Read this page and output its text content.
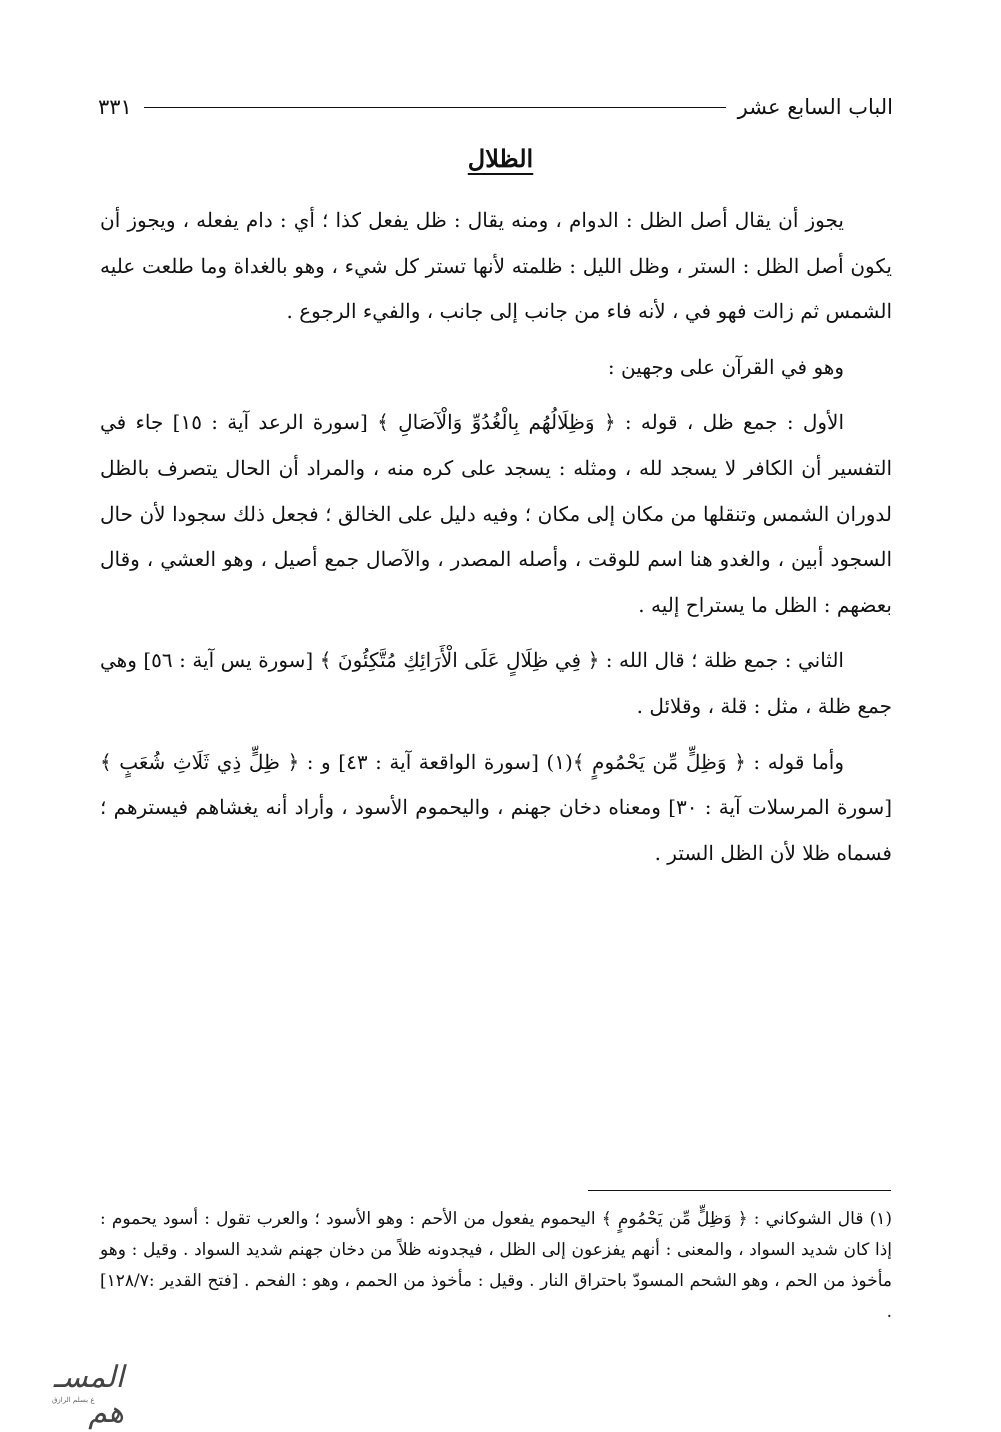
الباب السابع عشر
٣٣١
الظلال

يجوز أن يقال أصل الظل : الدوام ، ومنه يقال : ظل يفعل كذا ؛ أي : دام يفعله ، ويجوز أن يكون أصل الظل : الستر ، وظل الليل : ظلمته لأنها تستر كل شيء ، وهو بالغداة وما طلعت عليه الشمس ثم زالت فهو في ، لأنه فاء من جانب إلى جانب ، والفيء الرجوع .

وهو في القرآن على وجهين :

الأول : جمع ظل ، قوله : ﴿ وَظِلَالُهُم بِالْغُدُوِّ وَالْآصَالِ ﴾ [سورة الرعد آية : ١٥] جاء في التفسير أن الكافر لا يسجد لله ، ومثله : يسجد على كره منه ، والمراد أن الحال يتصرف بالظل لدوران الشمس وتنقلها من مكان إلى مكان ؛ وفيه دليل على الخالق ؛ فجعل ذلك سجودا لأن حال السجود أبين ، والغدو هنا اسم للوقت ، وأصله المصدر ، والآصال جمع أصيل ، وهو العشي ، وقال بعضهم : الظل ما يستراح إليه .

الثاني : جمع ظلة ؛ قال الله : ﴿ فِي ظِلَالٍ عَلَى الْأَرَائِكِ مُتَّكِئُونَ ﴾ [سورة يس آية : ٥٦] وهي جمع ظلة ، مثل : قلة ، وقلائل .

وأما قوله : ﴿ وَظِلٍّ مِّن يَحْمُومٍ ﴾(١) [سورة الواقعة آية : ٤٣] و : ﴿ ظِلٍّ ذِي ثَلَاثِ شُعَبٍ ﴾ [سورة المرسلات آية : ٣٠] ومعناه دخان جهنم ، واليحموم الأسود ، وأراد أنه يغشاهم فيسترهم ؛ فسماه ظلا لأن الظل الستر .

(١) قال الشوكاني : ﴿ وَظِلٍّ مِّن يَحْمُومٍ ﴾ اليحموم يفعول من الأحم : وهو الأسود ؛ والعرب تقول : أسود يحموم : إذا كان شديد السواد ، والمعنى : أنهم يفزعون إلى الظل ، فيجدونه ظلاً من دخان جهنم شديد السواد . وقيل : وهو مأخوذ من الحم ، وهو الشحم المسودّ باحتراق النار . وقيل : مأخوذ من الحمم ، وهو : الفحم . [فتح القدير :١٢٨/٧] .
المسـ هم
ع بسلم الرازق
